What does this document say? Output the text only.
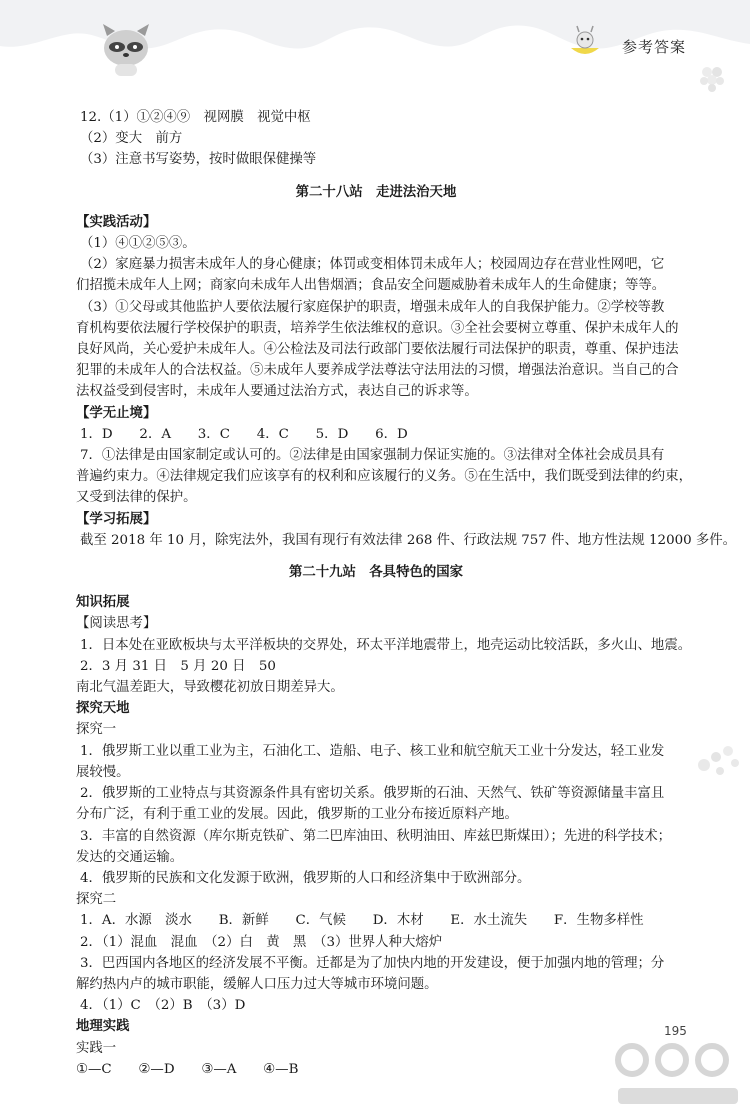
参考答案
12.（1）①②④⑨　视网膜　视觉中枢
（2）变大　前方
（3）注意书写姿势，按时做眼保健操等
第二十八站　走进法治天地
【实践活动】
（1）④①②⑤③。
（2）家庭暴力损害未成年人的身心健康；体罚或变相体罚未成年人；校园周边存在营业性网吧，它
们招揽未成年人上网；商家向未成年人出售烟酒；食品安全问题威胁着未成年人的生命健康；等等。
（3）①父母或其他监护人要依法履行家庭保护的职责，增强未成年人的自我保护能力。②学校等教
育机构要依法履行学校保护的职责，培养学生依法维权的意识。③全社会要树立尊重、保护未成年人的
良好风尚，关心爱护未成年人。④公检法及司法行政部门要依法履行司法保护的职责，尊重、保护违法
犯罪的未成年人的合法权益。⑤未成年人要养成学法尊法守法用法的习惯，增强法治意识。当自己的合
法权益受到侵害时，未成年人要通过法治方式，表达自己的诉求等。
【学无止境】
1．D　　2．A　　3．C　　4．C　　5．D　　6．D
7．①法律是由国家制定或认可的。②法律是由国家强制力保证实施的。③法律对全体社会成员具有
普遍约束力。④法律规定我们应该享有的权利和应该履行的义务。⑤在生活中，我们既受到法律的约束，
又受到法律的保护。
【学习拓展】
截至 2018 年 10 月，除宪法外，我国有现行有效法律 268 件、行政法规 757 件、地方性法规 12000 多件。
第二十九站　各具特色的国家
知识拓展
【阅读思考】
1．日本处在亚欧板块与太平洋板块的交界处，环太平洋地震带上，地壳运动比较活跃，多火山、地震。
2．3 月 31 日　5 月 20 日　50
南北气温差距大，导致樱花初放日期差异大。
探究天地
探究一
1．俄罗斯工业以重工业为主，石油化工、造船、电子、核工业和航空航天工业十分发达，轻工业发
展较慢。
2．俄罗斯的工业特点与其资源条件具有密切关系。俄罗斯的石油、天然气、铁矿等资源储量丰富且
分布广泛，有利于重工业的发展。因此，俄罗斯的工业分布接近原料产地。
3．丰富的自然资源（库尔斯克铁矿、第二巴库油田、秋明油田、库兹巴斯煤田）；先进的科学技术；
发达的交通运输。
4．俄罗斯的民族和文化发源于欧洲，俄罗斯的人口和经济集中于欧洲部分。
探究二
1．A．水源　淡水　　B．新鲜　　C．气候　　D．木材　　E．水土流失　　F．生物多样性
2．（1）混血　混血　（2）白　黄　黑　（3）世界人种大熔炉
3．巴西国内各地区的经济发展不平衡。迁都是为了加快内地的开发建设，便于加强内地的管理；分
解约热内卢的城市职能，缓解人口压力过大等城市环境问题。
4．（1）C　（2）B　（3）D
地理实践
实践一
①—C　　②—D　　③—A　　④—B
195
